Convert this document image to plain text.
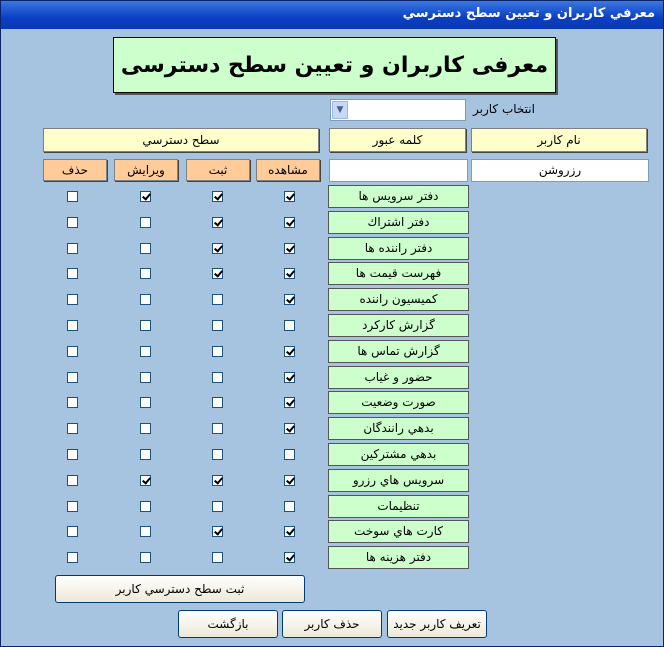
معرفي كاربران و تعيين سطح دسترسي
معرفی کاربران و تعیین سطح دسترسی
انتخاب كاربر
▼
نام كاربر
كلمه عبور
سطح دسترسي
رزروشن
مشاهده
ثبت
ويرايش
حذف
دفتر سرويس ها
دفتر اشتراك
دفتر راننده ها
فهرست قيمت ها
كميسيون راننده
گزارش كاركرد
گزارش تماس ها
حضور و غياب
صورت وضعيت
بدهي رانندگان
بدهي مشتركين
سرويس هاي رزرو
تنظيمات
كارت هاي سوخت
دفتر هزينه ها
ثبت سطح دسترسي كاربر
تعريف كاربر جديد
حذف كاربر
بازگشت
